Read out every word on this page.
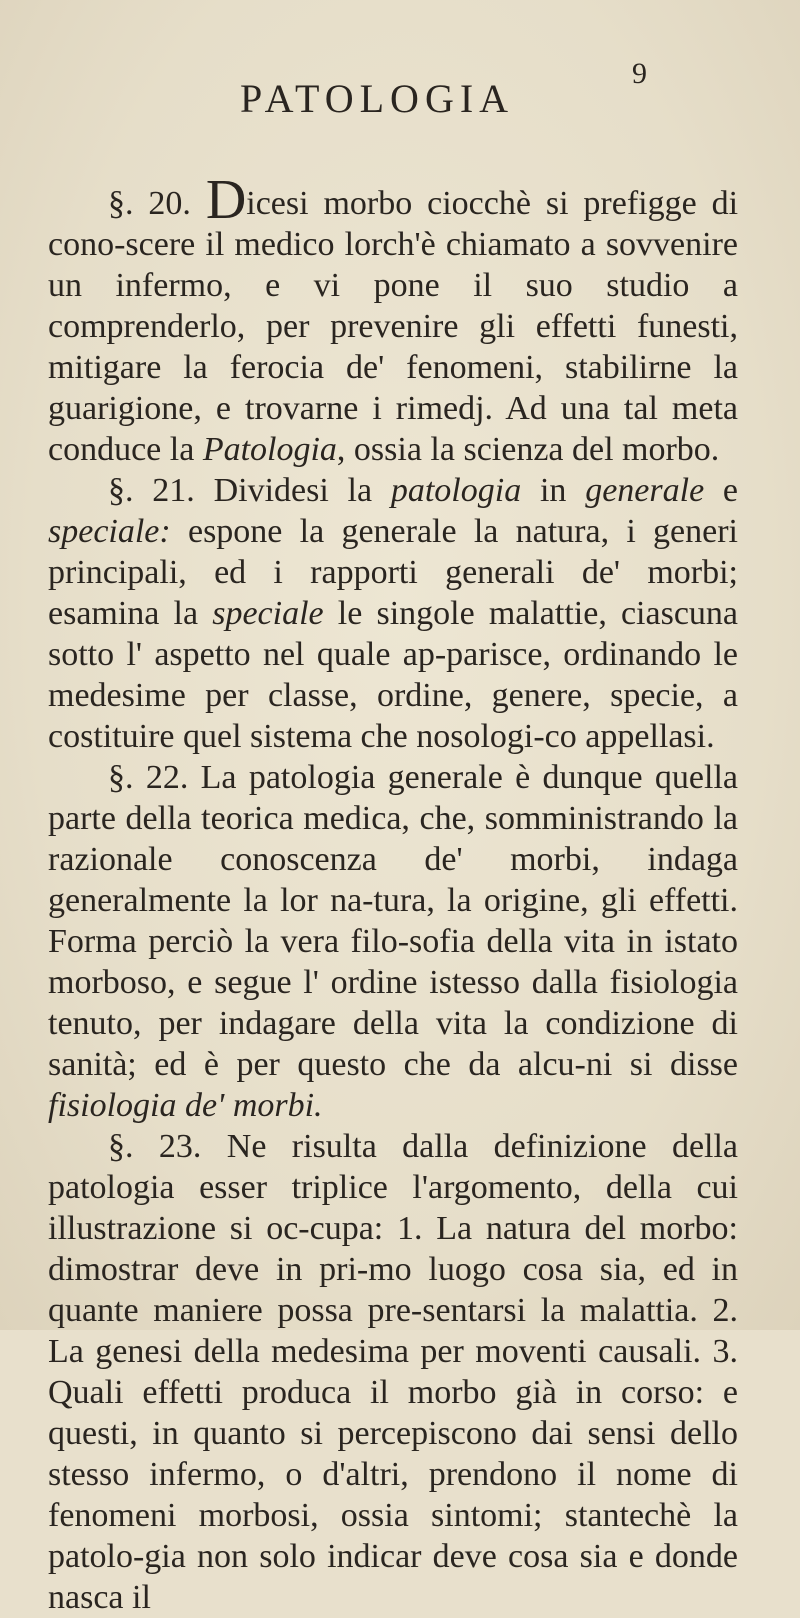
PATOLOGIA
9

§. 20. Dicesi morbo ciocchè si prefigge di cono-scere il medico lorch'è chiamato a sovvenire un infermo, e vi pone il suo studio a comprenderlo, per prevenire gli effetti funesti, mitigare la ferocia de' fenomeni, stabilirne la guarigione, e trovarne i rimedj. Ad una tal meta conduce la Patologia, ossia la scienza del morbo.

§. 21. Dividesi la patologia in generale e speciale: espone la generale la natura, i generi principali, ed i rapporti generali de' morbi; esamina la speciale le singole malattie, ciascuna sotto l' aspetto nel quale ap-parisce, ordinando le medesime per classe, ordine, genere, specie, a costituire quel sistema che nosologi-co appellasi.

§. 22. La patologia generale è dunque quella parte della teorica medica, che, somministrando la razionale conoscenza de' morbi, indaga generalmente la lor na-tura, la origine, gli effetti. Forma perciò la vera filo-sofia della vita in istato morboso, e segue l' ordine istesso dalla fisiologia tenuto, per indagare della vita la condizione di sanità; ed è per questo che da alcu-ni si disse fisiologia de' morbi.

§. 23. Ne risulta dalla definizione della patologia esser triplice l'argomento, della cui illustrazione si oc-cupa: 1. La natura del morbo: dimostrar deve in pri-mo luogo cosa sia, ed in quante maniere possa pre-sentarsi la malattia. 2. La genesi della medesima per moventi causali. 3. Quali effetti produca il morbo già in corso: e questi, in quanto si percepiscono dai sensi dello stesso infermo, o d'altri, prendono il nome di fenomeni morbosi, ossia sintomi; stantechè la patolo-gia non solo indicar deve cosa sia e donde nasca il
